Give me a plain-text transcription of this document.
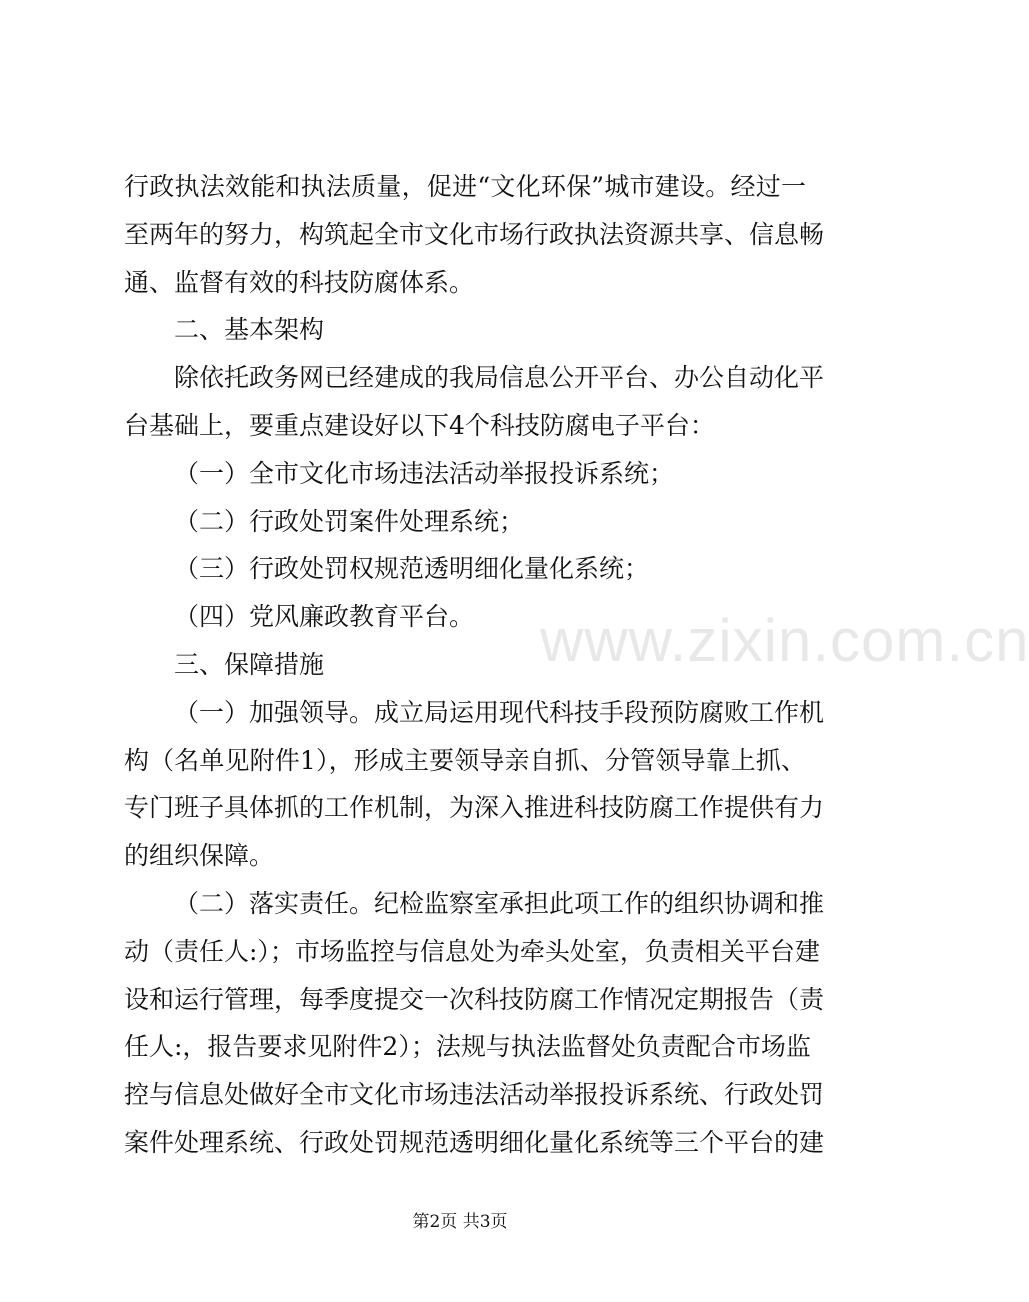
行政执法效能和执法质量，促进“文化环保”城市建设。经过一
至两年的努力，构筑起全市文化市场行政执法资源共享、信息畅
通、监督有效的科技防腐体系。
二、基本架构
除依托政务网已经建成的我局信息公开平台、办公自动化平
台基础上，要重点建设好以下4个科技防腐电子平台：
（一）全市文化市场违法活动举报投诉系统；
（二）行政处罚案件处理系统；
（三）行政处罚权规范透明细化量化系统；
（四）党风廉政教育平台。
三、保障措施
（一）加强领导。成立局运用现代科技手段预防腐败工作机
构（名单见附件1），形成主要领导亲自抓、分管领导靠上抓、
专门班子具体抓的工作机制，为深入推进科技防腐工作提供有力
的组织保障。
（二）落实责任。纪检监察室承担此项工作的组织协调和推
动（责任人:）；市场监控与信息处为牵头处室，负责相关平台建
设和运行管理，每季度提交一次科技防腐工作情况定期报告（责
任人:，报告要求见附件2）；法规与执法监督处负责配合市场监
控与信息处做好全市文化市场违法活动举报投诉系统、行政处罚
案件处理系统、行政处罚规范透明细化量化系统等三个平台的建
www.zixin.com.cn
第2页 共3页
